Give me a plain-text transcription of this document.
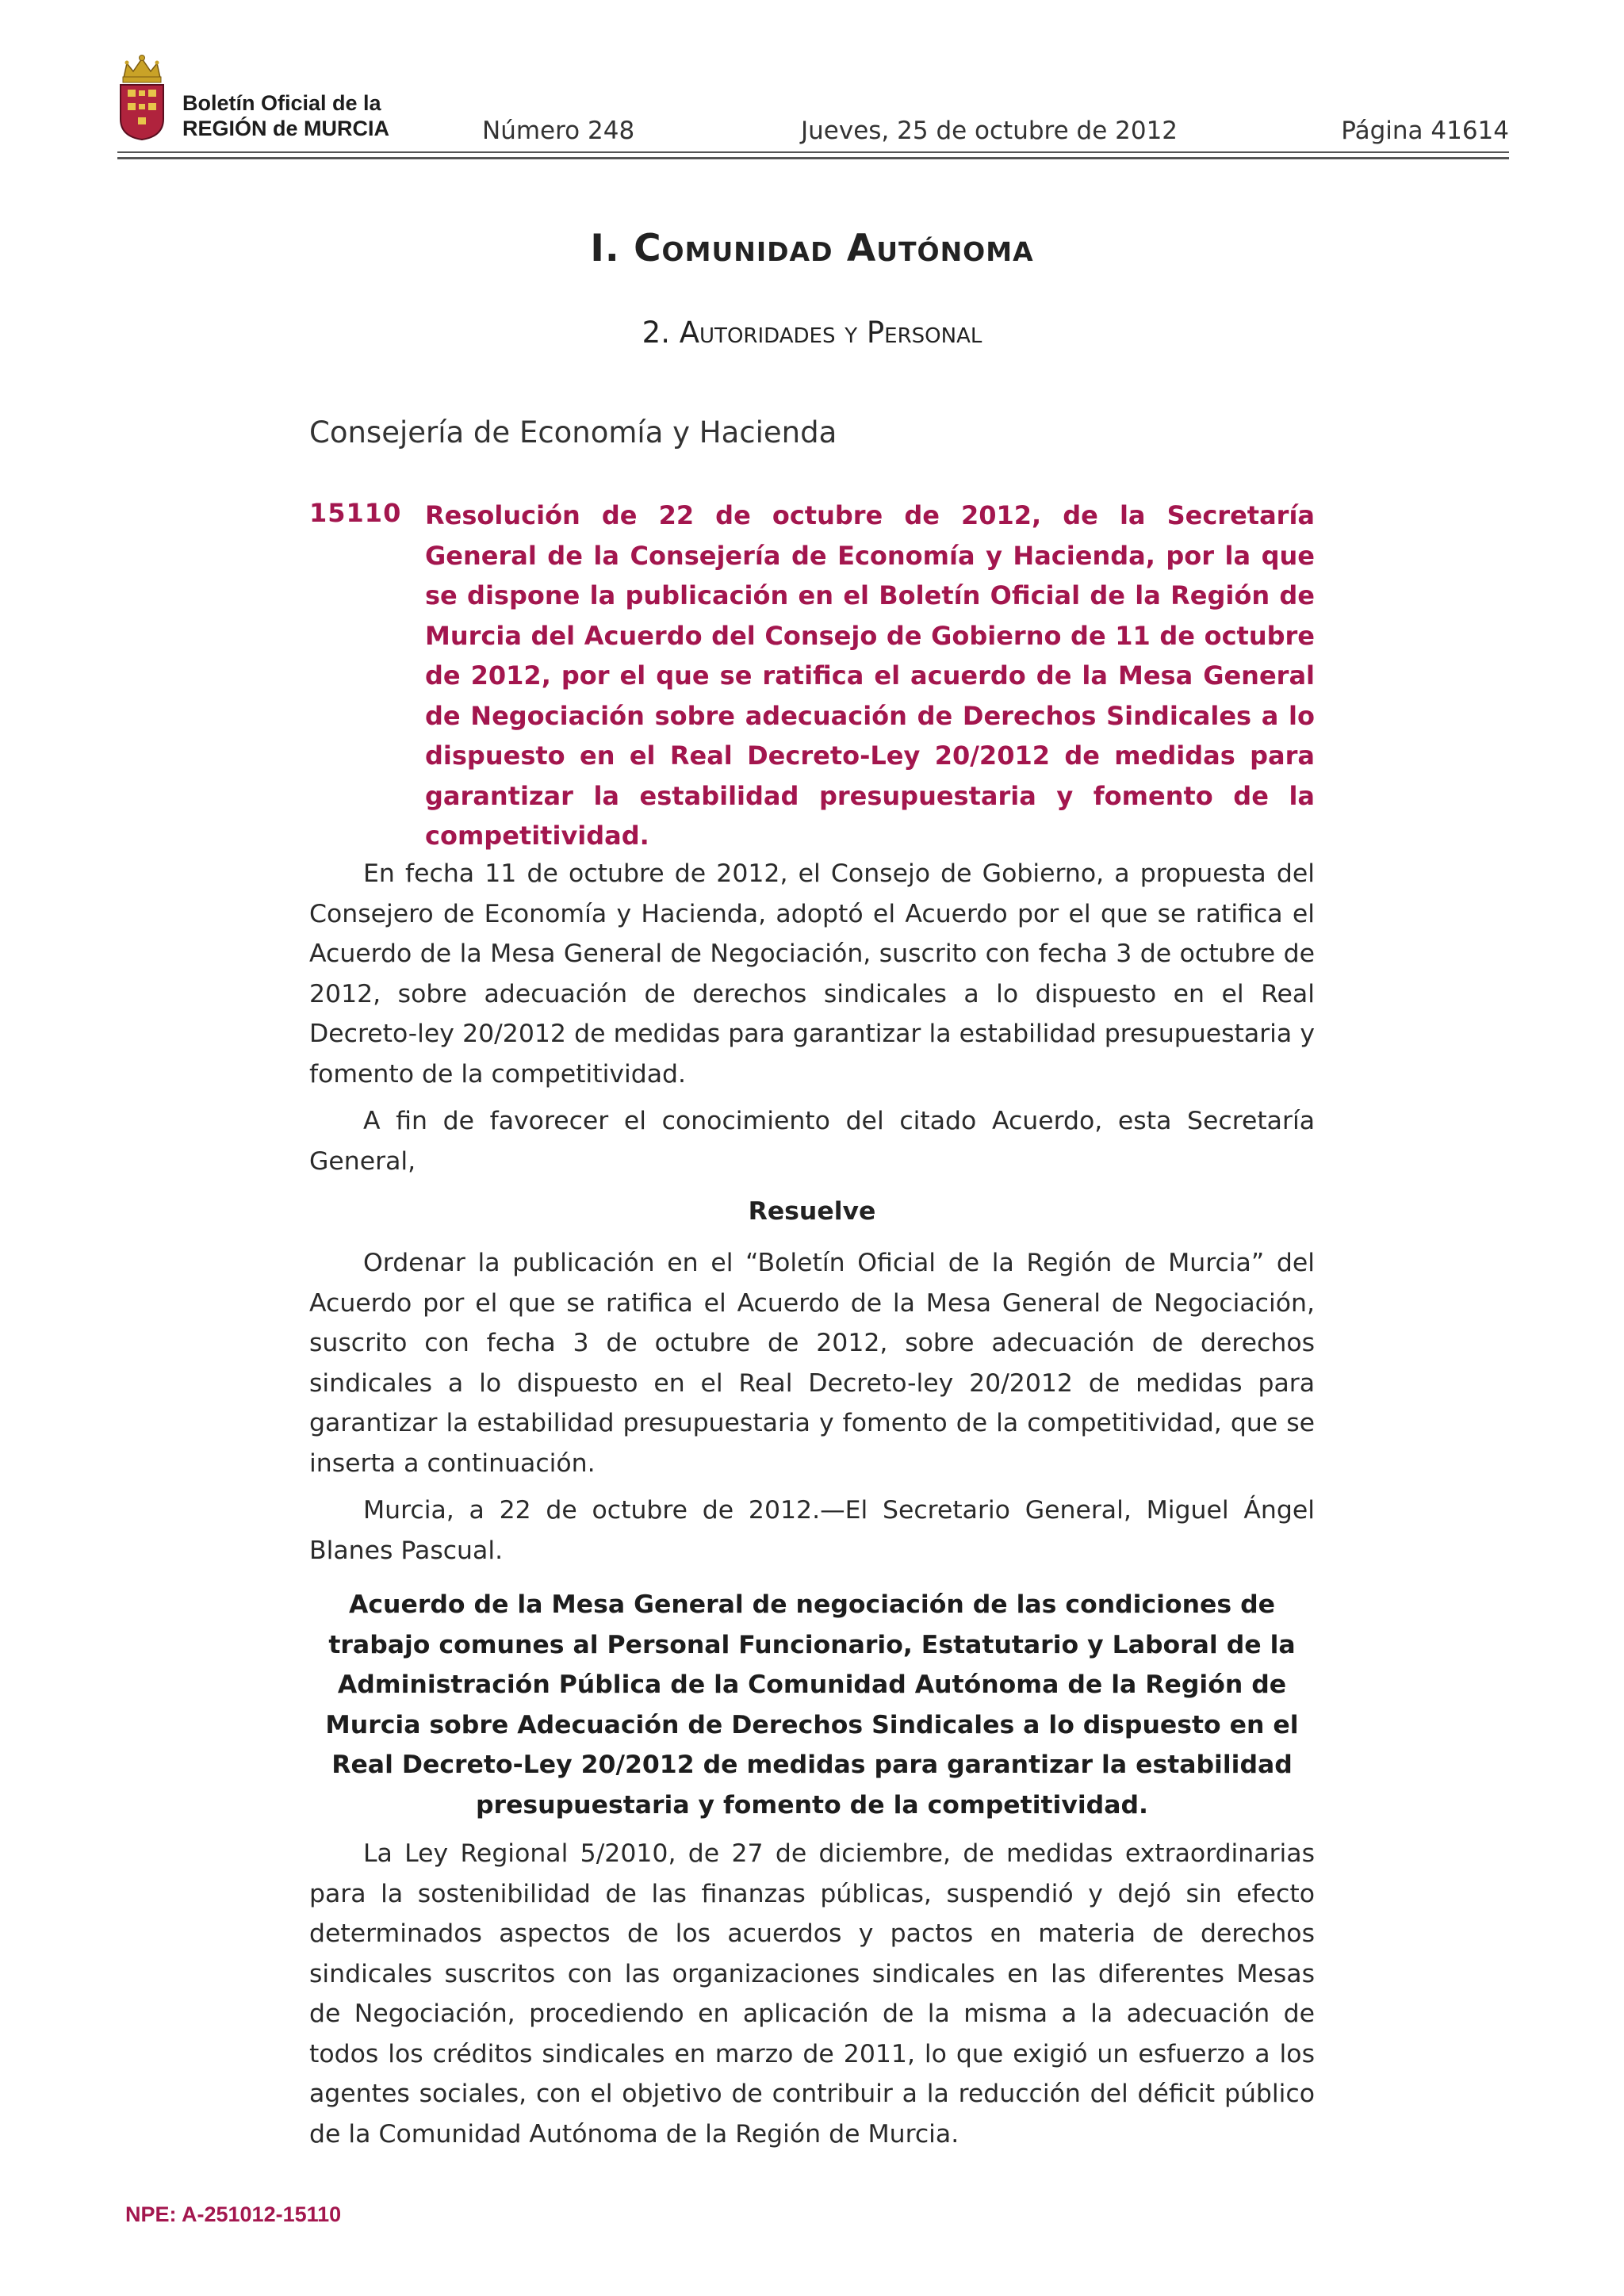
Boletín Oficial de la
REGIÓN de MURCIA	Número 248	Jueves, 25 de octubre de 2012	Página 41614
I. Comunidad Autónoma
2. Autoridades y Personal
Consejería de Economía y Hacienda
15110 Resolución de 22 de octubre de 2012, de la Secretaría General de la Consejería de Economía y Hacienda, por la que se dispone la publicación en el Boletín Oficial de la Región de Murcia del Acuerdo del Consejo de Gobierno de 11 de octubre de 2012, por el que se ratifica el acuerdo de la Mesa General de Negociación sobre adecuación de Derechos Sindicales a lo dispuesto en el Real Decreto-Ley 20/2012 de medidas para garantizar la estabilidad presupuestaria y fomento de la competitividad.

En fecha 11 de octubre de 2012, el Consejo de Gobierno, a propuesta del Consejero de Economía y Hacienda, adoptó el Acuerdo por el que se ratifica el Acuerdo de la Mesa General de Negociación, suscrito con fecha 3 de octubre de 2012, sobre adecuación de derechos sindicales a lo dispuesto en el Real Decreto-ley 20/2012 de medidas para garantizar la estabilidad presupuestaria y fomento de la competitividad.

A fin de favorecer el conocimiento del citado Acuerdo, esta Secretaría General,

Resuelve

Ordenar la publicación en el “Boletín Oficial de la Región de Murcia” del Acuerdo por el que se ratifica el Acuerdo de la Mesa General de Negociación, suscrito con fecha 3 de octubre de 2012, sobre adecuación de derechos sindicales a lo dispuesto en el Real Decreto-ley 20/2012 de medidas para garantizar la estabilidad presupuestaria y fomento de la competitividad, que se inserta a continuación.

Murcia, a 22 de octubre de 2012.—El Secretario General, Miguel Ángel Blanes Pascual.

Acuerdo de la Mesa General de negociación de las condiciones de trabajo comunes al Personal Funcionario, Estatutario y Laboral de la Administración Pública de la Comunidad Autónoma de la Región de Murcia sobre Adecuación de Derechos Sindicales a lo dispuesto en el Real Decreto-Ley 20/2012 de medidas para garantizar la estabilidad presupuestaria y fomento de la competitividad.

La Ley Regional 5/2010, de 27 de diciembre, de medidas extraordinarias para la sostenibilidad de las finanzas públicas, suspendió y dejó sin efecto determinados aspectos de los acuerdos y pactos en materia de derechos sindicales suscritos con las organizaciones sindicales en las diferentes Mesas de Negociación, procediendo en aplicación de la misma a la adecuación de todos los créditos sindicales en marzo de 2011, lo que exigió un esfuerzo a los agentes sociales, con el objetivo de contribuir a la reducción del déficit público de la Comunidad Autónoma de la Región de Murcia.

NPE: A-251012-15110
